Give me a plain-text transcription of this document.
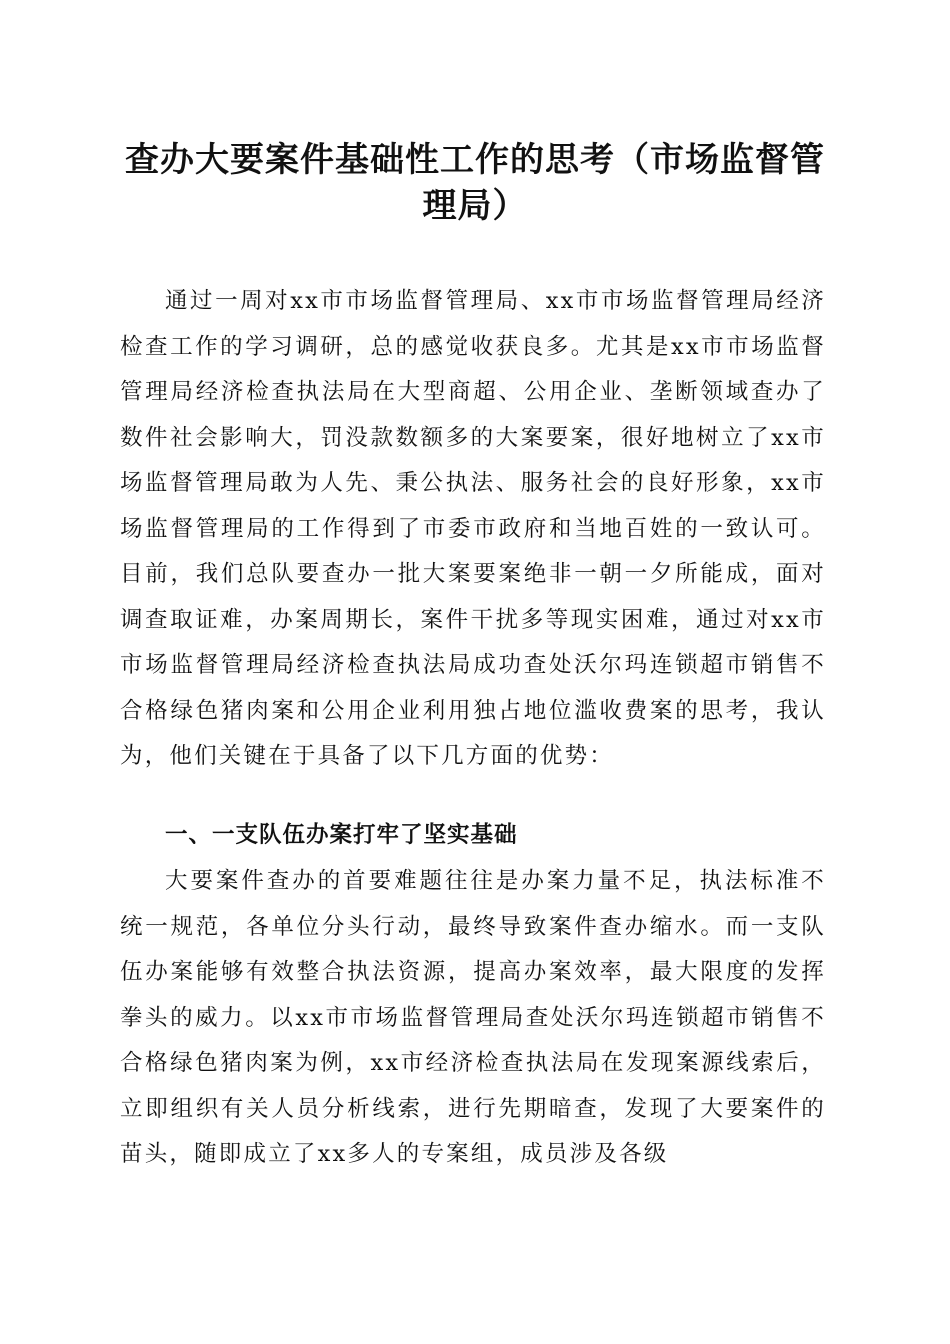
查办大要案件基础性工作的思考（市场监督管理局）

通过一周对xx市市场监督管理局、xx市市场监督管理局经济检查工作的学习调研，总的感觉收获良多。尤其是xx市市场监督管理局经济检查执法局在大型商超、公用企业、垄断领域查办了数件社会影响大，罚没款数额多的大案要案，很好地树立了xx市场监督管理局敢为人先、秉公执法、服务社会的良好形象，xx市场监督管理局的工作得到了市委市政府和当地百姓的一致认可。目前，我们总队要查办一批大案要案绝非一朝一夕所能成，面对调查取证难，办案周期长，案件干扰多等现实困难，通过对xx市市场监督管理局经济检查执法局成功查处沃尔玛连锁超市销售不合格绿色猪肉案和公用企业利用独占地位滥收费案的思考，我认为，他们关键在于具备了以下几方面的优势：

一、一支队伍办案打牢了坚实基础

大要案件查办的首要难题往往是办案力量不足，执法标准不统一规范，各单位分头行动，最终导致案件查办缩水。而一支队伍办案能够有效整合执法资源，提高办案效率，最大限度的发挥拳头的威力。以xx市市场监督管理局查处沃尔玛连锁超市销售不合格绿色猪肉案为例，xx市经济检查执法局在发现案源线索后，立即组织有关人员分析线索，进行先期暗查，发现了大要案件的苗头，随即成立了xx多人的专案组，成员涉及各级
